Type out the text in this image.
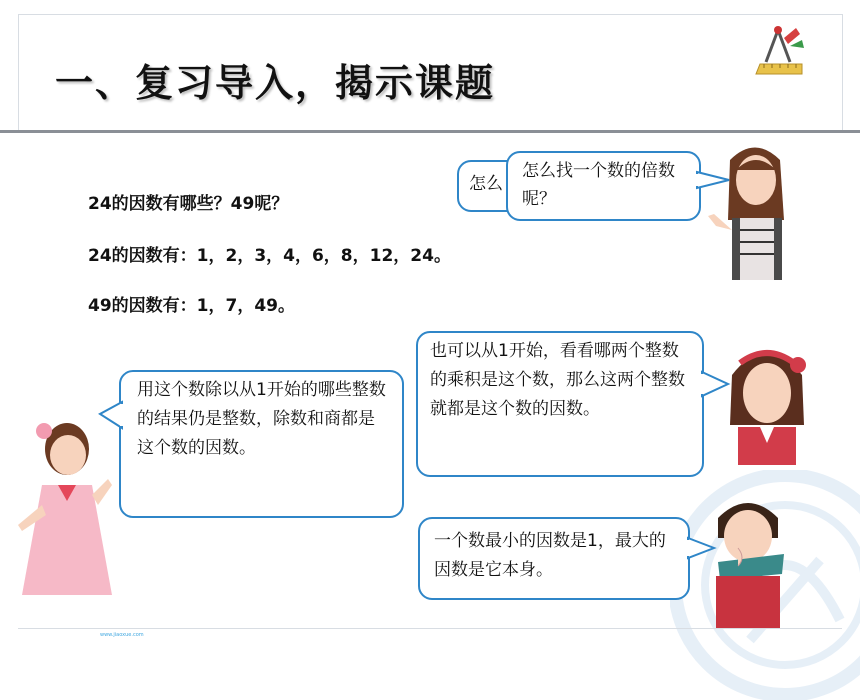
一、复习导入，揭示课题
24的因数有哪些？49呢？
24的因数有：1，2，3，4，6，8，12，24。
49的因数有：1，7，49。
怎么
怎么找一个数的倍数呢？
用这个数除以从1开始的哪些整数的结果仍是整数，除数和商都是这个数的因数。
也可以从1开始，看看哪两个整数的乘积是这个数，那么这两个整数就都是这个数的因数。
一个数最小的因数是1，最大的因数是它本身。
www.jiaoxue.com
